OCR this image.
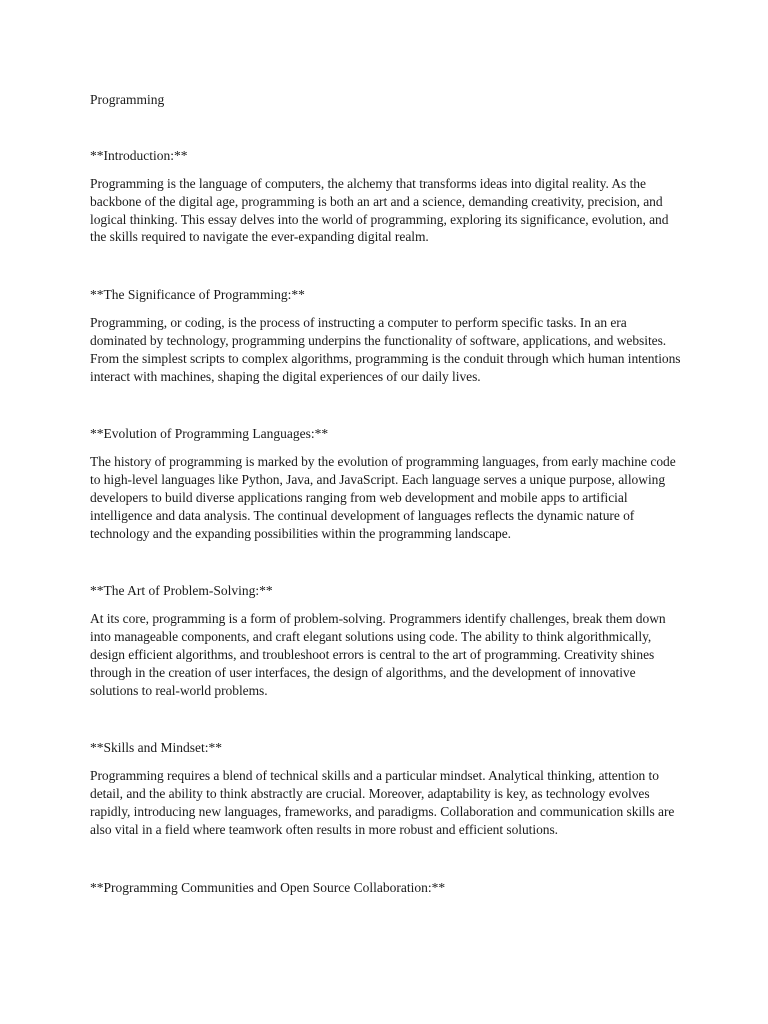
Programming

**Introduction:**

Programming is the language of computers, the alchemy that transforms ideas into digital reality. As the backbone of the digital age, programming is both an art and a science, demanding creativity, precision, and logical thinking. This essay delves into the world of programming, exploring its significance, evolution, and the skills required to navigate the ever-expanding digital realm.

**The Significance of Programming:**

Programming, or coding, is the process of instructing a computer to perform specific tasks. In an era dominated by technology, programming underpins the functionality of software, applications, and websites. From the simplest scripts to complex algorithms, programming is the conduit through which human intentions interact with machines, shaping the digital experiences of our daily lives.

**Evolution of Programming Languages:**

The history of programming is marked by the evolution of programming languages, from early machine code to high-level languages like Python, Java, and JavaScript. Each language serves a unique purpose, allowing developers to build diverse applications ranging from web development and mobile apps to artificial intelligence and data analysis. The continual development of languages reflects the dynamic nature of technology and the expanding possibilities within the programming landscape.

**The Art of Problem-Solving:**

At its core, programming is a form of problem-solving. Programmers identify challenges, break them down into manageable components, and craft elegant solutions using code. The ability to think algorithmically, design efficient algorithms, and troubleshoot errors is central to the art of programming. Creativity shines through in the creation of user interfaces, the design of algorithms, and the development of innovative solutions to real-world problems.

**Skills and Mindset:**

Programming requires a blend of technical skills and a particular mindset. Analytical thinking, attention to detail, and the ability to think abstractly are crucial. Moreover, adaptability is key, as technology evolves rapidly, introducing new languages, frameworks, and paradigms. Collaboration and communication skills are also vital in a field where teamwork often results in more robust and efficient solutions.

**Programming Communities and Open Source Collaboration:**
